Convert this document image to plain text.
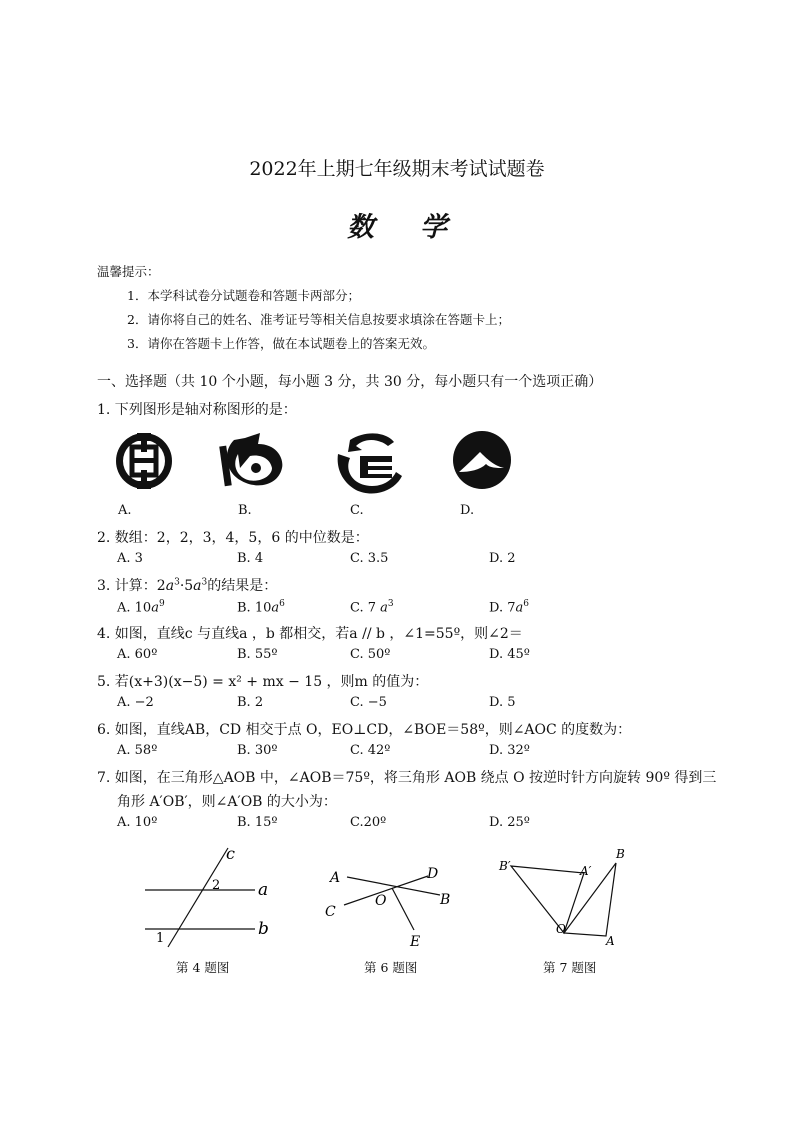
2022年上期七年级期末考试试题卷
数学
温馨提示：
1．本学科试卷分试题卷和答题卡两部分；
2．请你将自己的姓名、准考证号等相关信息按要求填涂在答题卡上；
3．请你在答题卡上作答，做在本试题卷上的答案无效。
一、选择题（共 10 个小题，每小题 3 分，共 30 分，每小题只有一个选项正确）
1. 下列图形是轴对称图形的是：
A.	B.	C.	D.
2. 数组：2，2，3，4，5，6 的中位数是：
A. 3	B. 4	C. 3.5	D. 2
3. 计算：$2a^3\cdot 5a^3$的结果是：
A. $10a^9$	B. $10a^6$	C. 7 $a^3$	D. $7a^6$
4. 如图，直线c 与直线a ，b 都相交，若a // b ，∠1=55º，则∠2＝
A. 60º	B. 55º	C. 50º	D. 45º
5. 若(x+3)(x−5) = x² + mx − 15 ，则m 的值为：
A. −2	B. 2	C. −5	D. 5
6. 如图，直线AB，CD 相交于点 O，EO⊥CD，∠BOE＝58º，则∠AOC 的度数为：
A. 58º	B. 30º	C. 42º	D. 32º
7. 如图，在三角形△AOB 中，∠AOB＝75º，将三角形 AOB 绕点 O 按逆时针方向旋转 90º 得到三
角形 A′OB′，则∠A′OB 的大小为：
A. 10º	B. 15º	C.20º	D. 25º
c
a
b
2
1
第 4 题图
A	D
B
C
O
E
第 6 题图
B′	A′
B
O
A
第 7 题图
